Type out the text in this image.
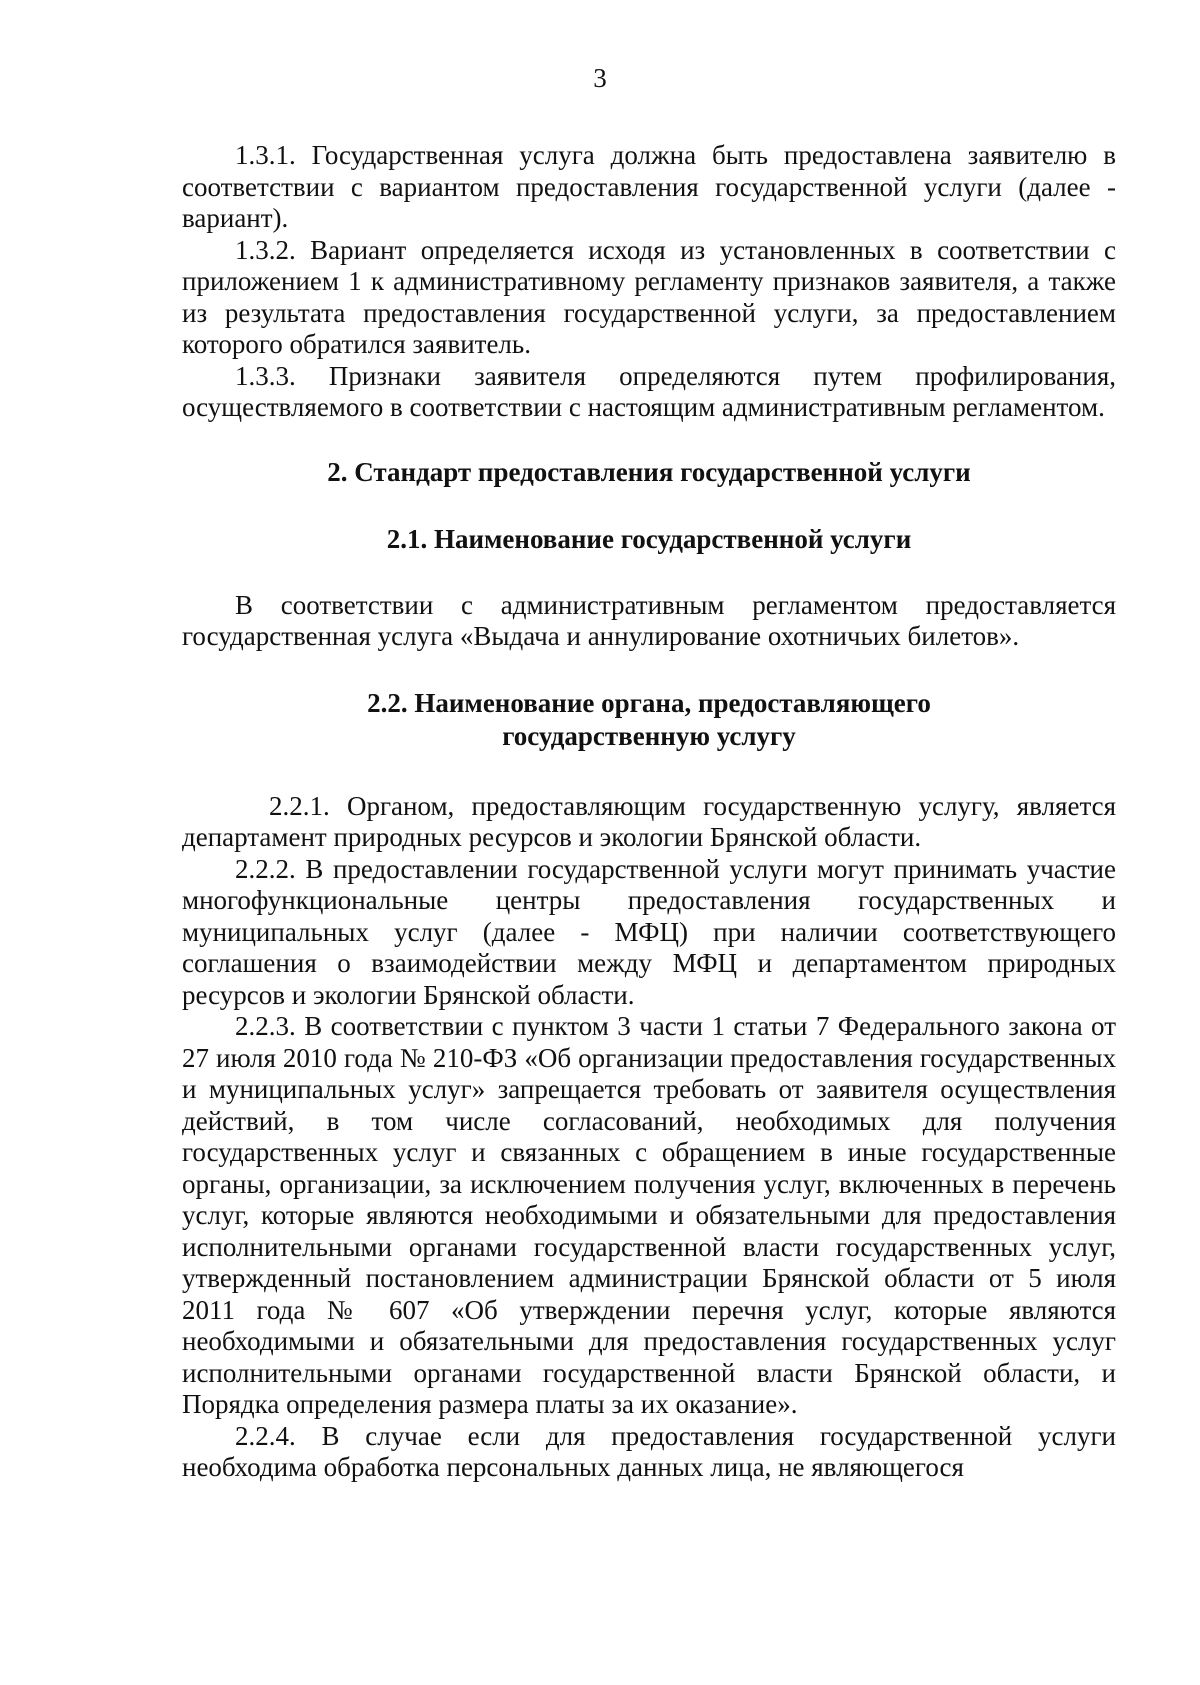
3

1.3.1. Государственная услуга должна быть предоставлена заявителю в соответствии с вариантом предоставления государственной услуги (далее - вариант).

1.3.2. Вариант определяется исходя из установленных в соответствии с приложением 1 к административному регламенту признаков заявителя, а также из результата предоставления государственной услуги, за предоставлением которого обратился заявитель.

1.3.3. Признаки заявителя определяются путем профилирования, осуществляемого в соответствии с настоящим административным регламентом.

2. Стандарт предоставления государственной услуги

2.1. Наименование государственной услуги

В соответствии с административным регламентом предоставляется государственная услуга «Выдача и аннулирование охотничьих билетов».

2.2. Наименование органа, предоставляющего

государственную услугу

2.2.1. Органом, предоставляющим государственную услугу, является департамент природных ресурсов и экологии Брянской области.

2.2.2. В предоставлении государственной услуги могут принимать участие многофункциональные центры предоставления государственных и муниципальных услуг (далее - МФЦ) при наличии соответствующего соглашения о взаимодействии между МФЦ и департаментом природных ресурсов и экологии Брянской области.

2.2.3. В соответствии с пунктом 3 части 1 статьи 7 Федерального закона от 27 июля 2010 года № 210-ФЗ «Об организации предоставления государственных и муниципальных услуг» запрещается требовать от заявителя осуществления действий, в том числе согласований, необходимых для получения государственных услуг и связанных с обращением в иные государственные органы, организации, за исключением получения услуг, включенных в перечень услуг, которые являются необходимыми и обязательными для предоставления исполнительными органами государственной власти государственных услуг, утвержденный постановлением администрации Брянской области от 5 июля 2011 года № 607 «Об утверждении перечня услуг, которые являются необходимыми и обязательными для предоставления государственных услуг исполнительными органами государственной власти Брянской области, и Порядка определения размера платы за их оказание».

2.2.4. В случае если для предоставления государственной услуги необходима обработка персональных данных лица, не являющегося
